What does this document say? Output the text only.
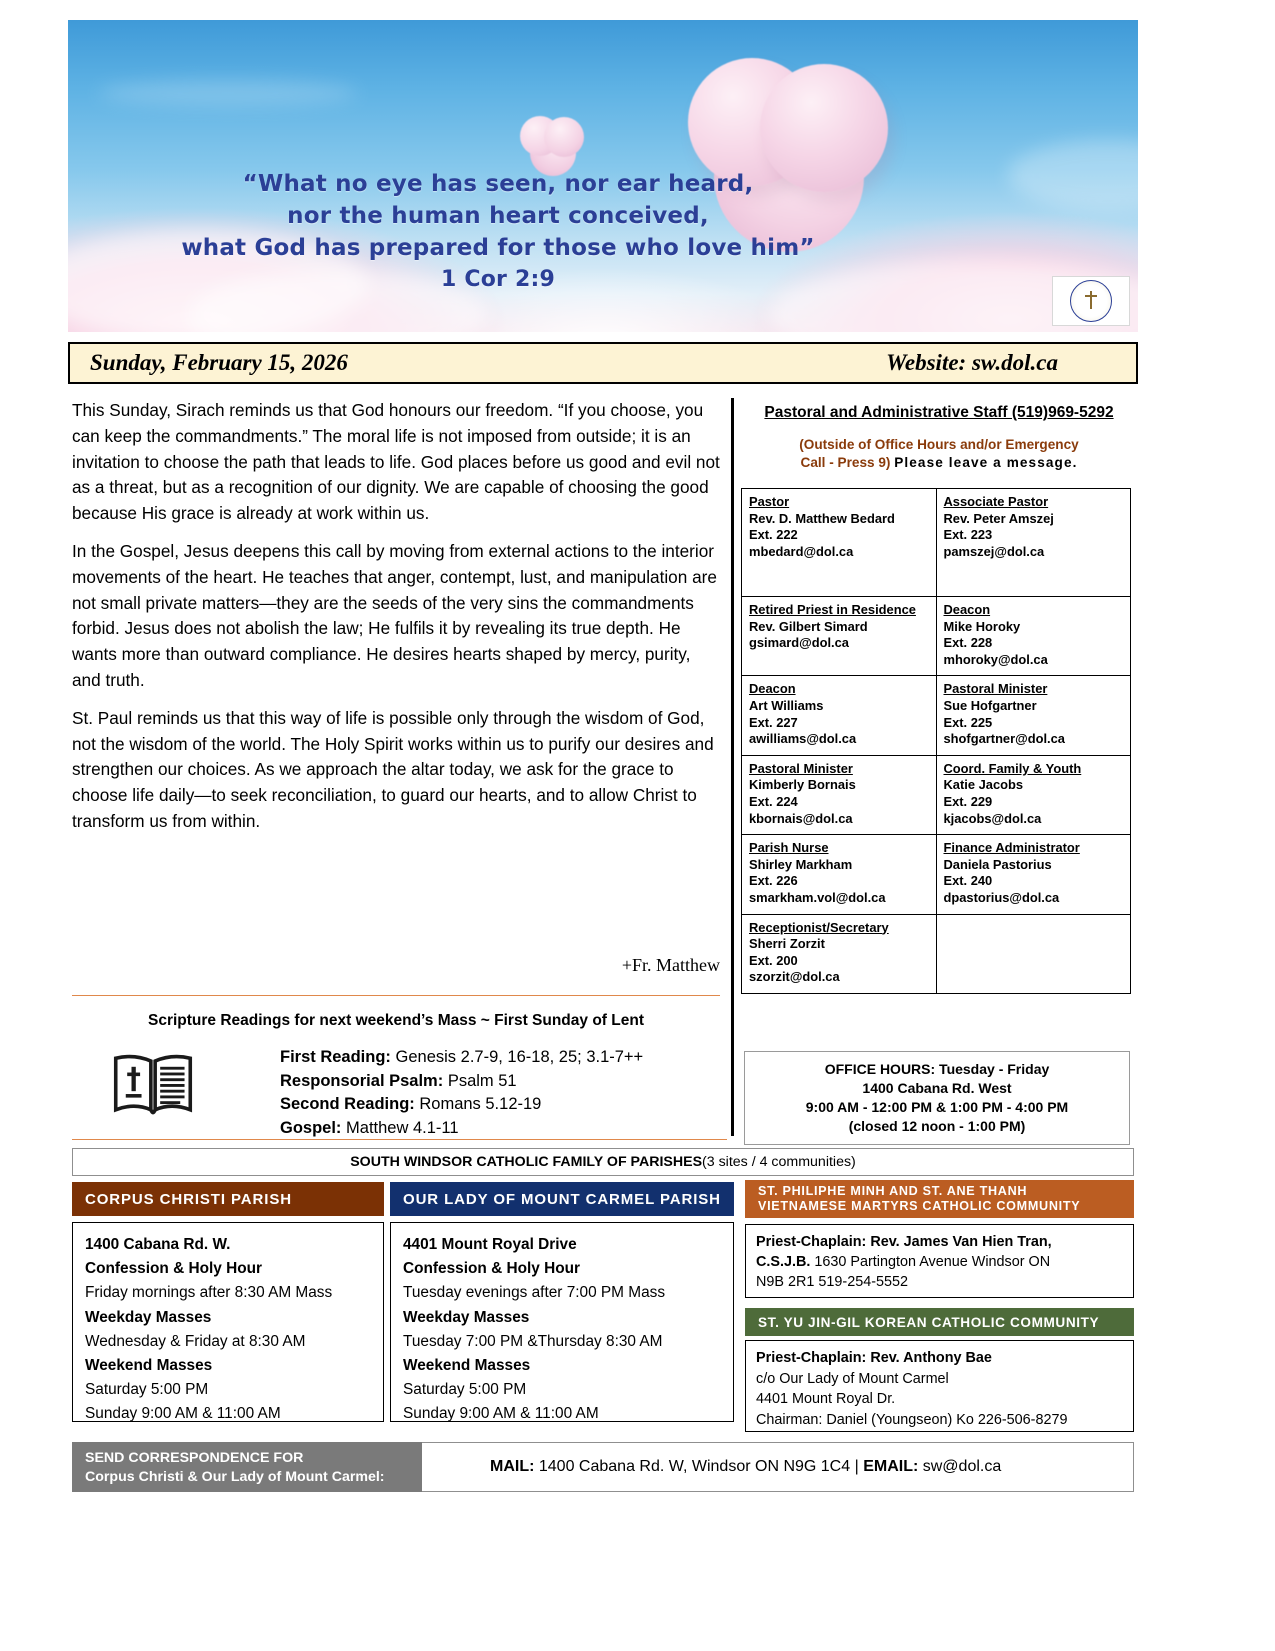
“What no eye has seen, nor ear heard,
nor the human heart conceived,
what God has prepared for those who love him”
1 Cor 2:9
Sunday, February 15, 2026	Website: sw.dol.ca

This Sunday, Sirach reminds us that God honours our freedom. “If you choose, you can keep the commandments.” The moral life is not imposed from outside; it is an invitation to choose the path that leads to life. God places before us good and evil not as a threat, but as a recognition of our dignity. We are capable of choosing the good because His grace is already at work within us.

In the Gospel, Jesus deepens this call by moving from external actions to the interior movements of the heart. He teaches that anger, contempt, lust, and manipulation are not small private matters—they are the seeds of the very sins the commandments forbid. Jesus does not abolish the law; He fulfils it by revealing its true depth. He wants more than outward compliance. He desires hearts shaped by mercy, purity, and truth.

St. Paul reminds us that this way of life is possible only through the wisdom of God, not the wisdom of the world. The Holy Spirit works within us to purify our desires and strengthen our choices. As we approach the altar today, we ask for the grace to choose life daily—to seek reconciliation, to guard our hearts, and to allow Christ to transform us from within.

+Fr. Matthew
Scripture Readings for next weekend’s Mass ~ First Sunday of Lent
First Reading: Genesis 2.7-9, 16-18, 25; 3.1-7++
Responsorial Psalm: Psalm 51
Second Reading: Romans 5.12-19
Gospel: Matthew 4.1-11
Pastoral and Administrative Staff (519)969-5292
(Outside of Office Hours and/or Emergency
Call - Press 9) Please leave a message.
Pastor
Rev. D. Matthew Bedard
Ext. 222
mbedard@dol.ca	Associate Pastor
Rev. Peter Amszej
Ext. 223
pamszej@dol.ca

Retired Priest in Residence
Rev. Gilbert Simard
gsimard@dol.ca	Deacon
Mike Horoky
Ext. 228
mhoroky@dol.ca

Deacon
Art Williams
Ext. 227
awilliams@dol.ca	Pastoral Minister
Sue Hofgartner
Ext. 225
shofgartner@dol.ca

Pastoral Minister
Kimberly Bornais
Ext. 224
kbornais@dol.ca	Coord. Family & Youth
Katie Jacobs
Ext. 229
kjacobs@dol.ca

Parish Nurse
Shirley Markham
Ext. 226
smarkham.vol@dol.ca	Finance Administrator
Daniela Pastorius
Ext. 240
dpastorius@dol.ca

Receptionist/Secretary
Sherri Zorzit
Ext. 200
szorzit@dol.ca	
OFFICE HOURS: Tuesday - Friday
1400 Cabana Rd. West
9:00 AM - 12:00 PM & 1:00 PM - 4:00 PM
(closed 12 noon - 1:00 PM)
SOUTH WINDSOR CATHOLIC FAMILY OF PARISHES (3 sites / 4 communities)
CORPUS CHRISTI PARISH	OUR LADY OF MOUNT CARMEL PARISH	ST. PHILIPHE MINH AND ST. ANE THANH
VIETNAMESE MARTYRS CATHOLIC COMMUNITY
1400 Cabana Rd. W.
Confession & Holy Hour
Friday mornings after 8:30 AM Mass
Weekday Masses
Wednesday & Friday at 8:30 AM
Weekend Masses
Saturday 5:00 PM
Sunday 9:00 AM & 11:00 AM
4401 Mount Royal Drive
Confession & Holy Hour
Tuesday evenings after 7:00 PM Mass
Weekday Masses
Tuesday 7:00 PM &Thursday 8:30 AM
Weekend Masses
Saturday 5:00 PM
Sunday 9:00 AM & 11:00 AM
Priest-Chaplain: Rev. James Van Hien Tran,
C.S.J.B. 1630 Partington Avenue Windsor ON
N9B 2R1 519-254-5552
ST. YU JIN-GIL KOREAN CATHOLIC COMMUNITY
Priest-Chaplain: Rev. Anthony Bae
c/o Our Lady of Mount Carmel
4401 Mount Royal Dr.
Chairman: Daniel (Youngseon) Ko 226-506-8279
SEND CORRESPONDENCE FOR
Corpus Christi & Our Lady of Mount Carmel:
MAIL: 1400 Cabana Rd. W, Windsor ON N9G 1C4 | EMAIL: sw@dol.ca
